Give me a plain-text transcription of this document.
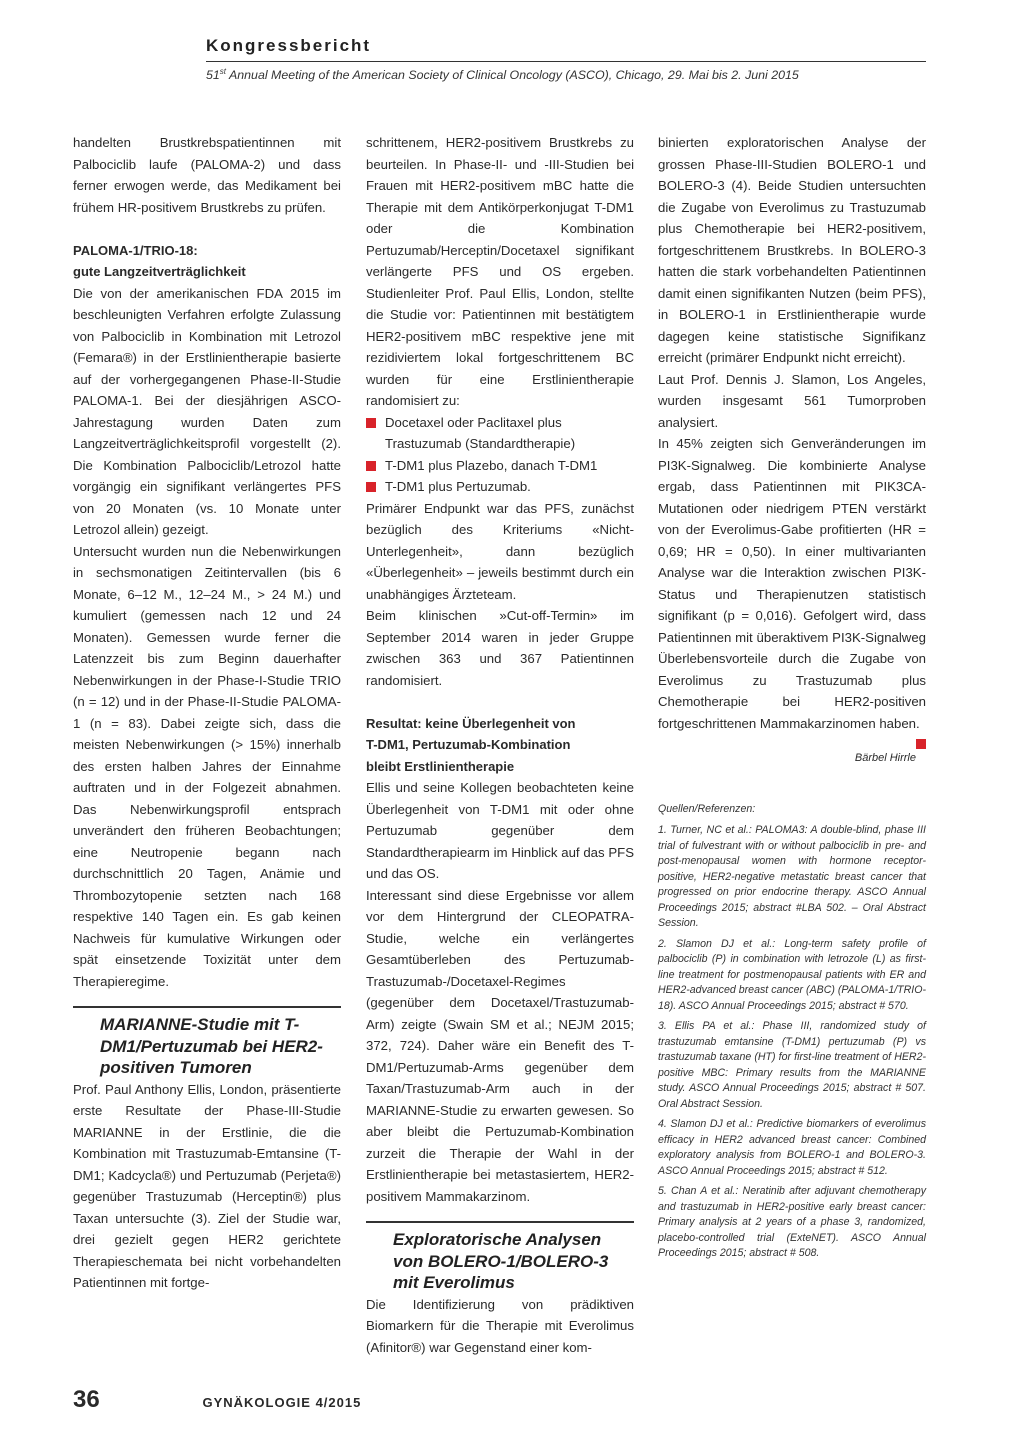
Kongressbericht
51st Annual Meeting of the American Society of Clinical Oncology (ASCO), Chicago, 29. Mai bis 2. Juni 2015

handelten Brustkrebspatientinnen mit Palbociclib laufe (PALOMA-2) und dass ferner erwogen werde, das Medikament bei frühem HR-positivem Brustkrebs zu prüfen.

PALOMA-1/TRIO-18:
gute Langzeitverträglichkeit

Die von der amerikanischen FDA 2015 im beschleunigten Verfahren erfolgte Zulassung von Palbociclib in Kombination mit Letrozol (Femara®) in der Erstlinientherapie basierte auf der vorhergegangenen Phase-II-Studie PALOMA-1. Bei der diesjährigen ASCO-Jahrestagung wurden Daten zum Langzeitverträglichkeitsprofil vorgestellt (2). Die Kombination Palbociclib/Letrozol hatte vorgängig ein signifikant verlängertes PFS von 20 Monaten (vs. 10 Monate unter Letrozol allein) gezeigt.

Untersucht wurden nun die Nebenwirkungen in sechsmonatigen Zeitintervallen (bis 6 Monate, 6–12 M., 12–24 M., > 24 M.) und kumuliert (gemessen nach 12 und 24 Monaten). Gemessen wurde ferner die Latenzzeit bis zum Beginn dauerhafter Nebenwirkungen in der Phase-I-Studie TRIO (n = 12) und in der Phase-II-Studie PALOMA-1 (n = 83). Dabei zeigte sich, dass die meisten Nebenwirkungen (> 15%) innerhalb des ersten halben Jahres der Einnahme auftraten und in der Folgezeit abnahmen. Das Nebenwirkungsprofil entsprach unverändert den früheren Beobachtungen; eine Neutropenie begann nach durchschnittlich 20 Tagen, Anämie und Thrombozytopenie setzten nach 168 respektive 140 Tagen ein. Es gab keinen Nachweis für kumulative Wirkungen oder spät einsetzende Toxizität unter dem Therapieregime.

MARIANNE-Studie mit T-DM1/Pertuzumab bei HER2-positiven Tumoren

Prof. Paul Anthony Ellis, London, präsentierte erste Resultate der Phase-III-Studie MARIANNE in der Erstlinie, die die Kombination mit Trastuzumab-Emtansine (T-DM1; Kadcycla®) und Pertuzumab (Perjeta®) gegenüber Trastuzumab (Herceptin®) plus Taxan untersuchte (3). Ziel der Studie war, drei gezielt gegen HER2 gerichtete Therapieschemata bei nicht vorbehandelten Patientinnen mit fortge-

schrittenem, HER2-positivem Brustkrebs zu beurteilen. In Phase-II- und -III-Studien bei Frauen mit HER2-positivem mBC hatte die Therapie mit dem Antikörperkonjugat T-DM1 oder die Kombination Pertuzumab/Herceptin/Docetaxel signifikant verlängerte PFS und OS ergeben. Studienleiter Prof. Paul Ellis, London, stellte die Studie vor: Patientinnen mit bestätigtem HER2-positivem mBC respektive jene mit rezidiviertem lokal fortgeschrittenem BC wurden für eine Erstlinientherapie randomisiert zu:

Docetaxel oder Paclitaxel plus Trastuzumab (Standardtherapie)
T-DM1 plus Plazebo, danach T-DM1
T-DM1 plus Pertuzumab.

Primärer Endpunkt war das PFS, zunächst bezüglich des Kriteriums «Nicht-Unterlegenheit», dann bezüglich «Überlegenheit» – jeweils bestimmt durch ein unabhängiges Ärzteteam.

Beim klinischen »Cut-off-Termin» im September 2014 waren in jeder Gruppe zwischen 363 und 367 Patientinnen randomisiert.

Resultat: keine Überlegenheit von
T-DM1, Pertuzumab-Kombination
bleibt Erstlinientherapie

Ellis und seine Kollegen beobachteten keine Überlegenheit von T-DM1 mit oder ohne Pertuzumab gegenüber dem Standardtherapiearm im Hinblick auf das PFS und das OS.

Interessant sind diese Ergebnisse vor allem vor dem Hintergrund der CLEOPATRA-Studie, welche ein verlängertes Gesamtüberleben des Pertuzumab-Trastuzumab-/Docetaxel-Regimes (gegenüber dem Docetaxel/Trastuzumab-Arm) zeigte (Swain SM et al.; NEJM 2015; 372, 724). Daher wäre ein Benefit des T-DM1/Pertuzumab-Arms gegenüber dem Taxan/Trastuzumab-Arm auch in der MARIANNE-Studie zu erwarten gewesen. So aber bleibt die Pertuzumab-Kombination zurzeit die Therapie der Wahl in der Erstlinientherapie bei metastasiertem, HER2-positivem Mammakarzinom.

Exploratorische Analysen von BOLERO-1/BOLERO-3 mit Everolimus

Die Identifizierung von prädiktiven Biomarkern für die Therapie mit Everolimus (Afinitor®) war Gegenstand einer kom-

binierten exploratorischen Analyse der grossen Phase-III-Studien BOLERO-1 und BOLERO-3 (4). Beide Studien untersuchten die Zugabe von Everolimus zu Trastuzumab plus Chemotherapie bei HER2-positivem, fortgeschrittenem Brustkrebs. In BOLERO-3 hatten die stark vorbehandelten Patientinnen damit einen signifikanten Nutzen (beim PFS), in BOLERO-1 in Erstlinientherapie wurde dagegen keine statistische Signifikanz erreicht (primärer Endpunkt nicht erreicht).

Laut Prof. Dennis J. Slamon, Los Angeles, wurden insgesamt 561 Tumorproben analysiert.

In 45% zeigten sich Genveränderungen im PI3K-Signalweg. Die kombinierte Analyse ergab, dass Patientinnen mit PIK3CA-Mutationen oder niedrigem PTEN verstärkt von der Everolimus-Gabe profitierten (HR = 0,69; HR = 0,50). In einer multivarianten Analyse war die Interaktion zwischen PI3K-Status und Therapienutzen statistisch signifikant (p = 0,016). Gefolgert wird, dass Patientinnen mit überaktivem PI3K-Signalweg Überlebensvorteile durch die Zugabe von Everolimus zu Trastuzumab plus Chemotherapie bei HER2-positiven fortgeschrittenen Mammakarzinomen haben.

Bärbel Hirrle
Quellen/Referenzen:
1. Turner, NC et al.: PALOMA3: A double-blind, phase III trial of fulvestrant with or without palbociclib in pre- and post-menopausal women with hormone receptor-positive, HER2-negative metastatic breast cancer that progressed on prior endocrine therapy. ASCO Annual Proceedings 2015; abstract #LBA 502. – Oral Abstract Session.
2. Slamon DJ et al.: Long-term safety profile of palbociclib (P) in combination with letrozole (L) as first-line treatment for postmenopausal patients with ER and HER2-advanced breast cancer (ABC) (PALOMA-1/TRIO-18). ASCO Annual Proceedings 2015; abstract # 570.
3. Ellis PA et al.: Phase III, randomized study of trastuzumab emtansine (T-DM1) pertuzumab (P) vs trastuzumab taxane (HT) for first-line treatment of HER2-positive MBC: Primary results from the MARIANNE study. ASCO Annual Proceedings 2015; abstract # 507. Oral Abstract Session.
4. Slamon DJ et al.: Predictive biomarkers of everolimus efficacy in HER2 advanced breast cancer: Combined exploratory analysis from BOLERO-1 and BOLERO-3. ASCO Annual Proceedings 2015; abstract # 512.
5. Chan A et al.: Neratinib after adjuvant chemotherapy and trastuzumab in HER2-positive early breast cancer: Primary analysis at 2 years of a phase 3, randomized, placebo-controlled trial (ExteNET). ASCO Annual Proceedings 2015; abstract # 508.
36	GYNÄKOLOGIE 4/2015
